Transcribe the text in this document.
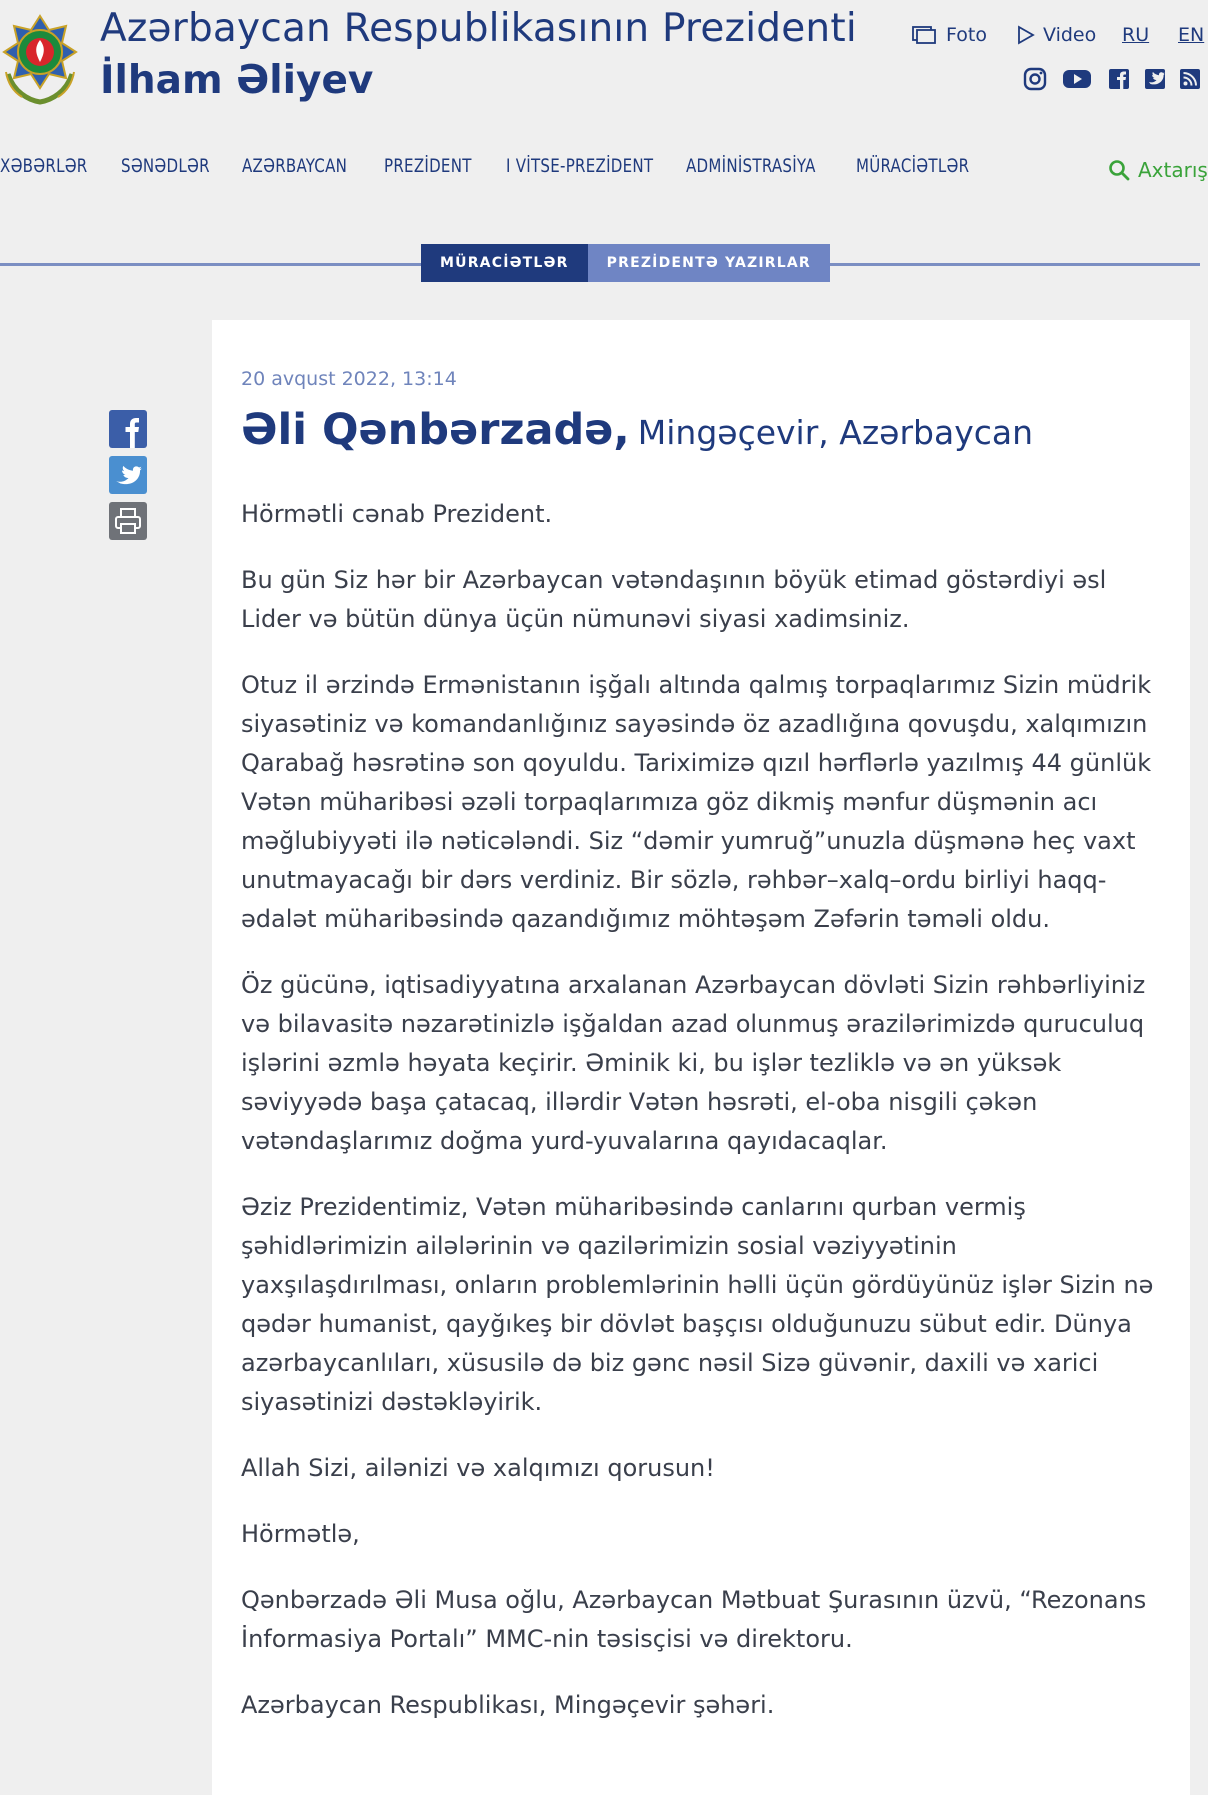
Azərbaycan Respublikasının Prezidenti
İlham Əliyev
Foto	Video RU EN
XƏBƏRLƏR SƏNƏDLƏR AZƏRBAYCAN PREZİDENT I VİTSE-PREZİDENT ADMİNİSTRASİYA MÜRACİƏTLƏR	Axtarış
MÜRACİƏTLƏR	PREZİDENTƏ YAZIRLAR
20 avqust 2022, 13:14
Əli Qənbərzadə, Mingəçevir, Azərbaycan

Hörmətli cənab Prezident.

Bu gün Siz hər bir Azərbaycan vətəndaşının böyük etimad göstərdiyi əsl Lider və bütün dünya üçün nümunəvi siyasi xadimsiniz.

Otuz il ərzində Ermənistanın işğalı altında qalmış torpaqlarımız Sizin müdrik siyasətiniz və komandanlığınız sayəsində öz azadlığına qovuşdu, xalqımızın Qarabağ həsrətinə son qoyuldu. Tariximizə qızıl hərflərlə yazılmış 44 günlük Vətən müharibəsi əzəli torpaqlarımıza göz dikmiş mənfur düşmənin acı məğlubiyyəti ilə nəticələndi. Siz “dəmir yumruğ”unuzla düşmənə heç vaxt unutmayacağı bir dərs verdiniz. Bir sözlə, rəhbər–xalq–ordu birliyi haqq-ədalət müharibəsində qazandığımız möhtəşəm Zəfərin təməli oldu.

Öz gücünə, iqtisadiyyatına arxalanan Azərbaycan dövləti Sizin rəhbərliyiniz və bilavasitə nəzarətinizlə işğaldan azad olunmuş ərazilərimizdə quruculuq işlərini əzmlə həyata keçirir. Əminik ki, bu işlər tezliklə və ən yüksək səviyyədə başa çatacaq, illərdir Vətən həsrəti, el-oba nisgili çəkən vətəndaşlarımız doğma yurd-yuvalarına qayıdacaqlar.

Əziz Prezidentimiz, Vətən müharibəsində canlarını qurban vermiş şəhidlərimizin ailələrinin və qazilərimizin sosial vəziyyətinin yaxşılaşdırılması, onların problemlərinin həlli üçün gördüyünüz işlər Sizin nə qədər humanist, qayğıkeş bir dövlət başçısı olduğunuzu sübut edir. Dünya azərbaycanlıları, xüsusilə də biz gənc nəsil Sizə güvənir, daxili və xarici siyasətinizi dəstəkləyirik.

Allah Sizi, ailənizi və xalqımızı qorusun!

Hörmətlə,

Qənbərzadə Əli Musa oğlu, Azərbaycan Mətbuat Şurasının üzvü, “Rezonans İnformasiya Portalı” MMC-nin təsisçisi və direktoru.

Azərbaycan Respublikası, Mingəçevir şəhəri.
